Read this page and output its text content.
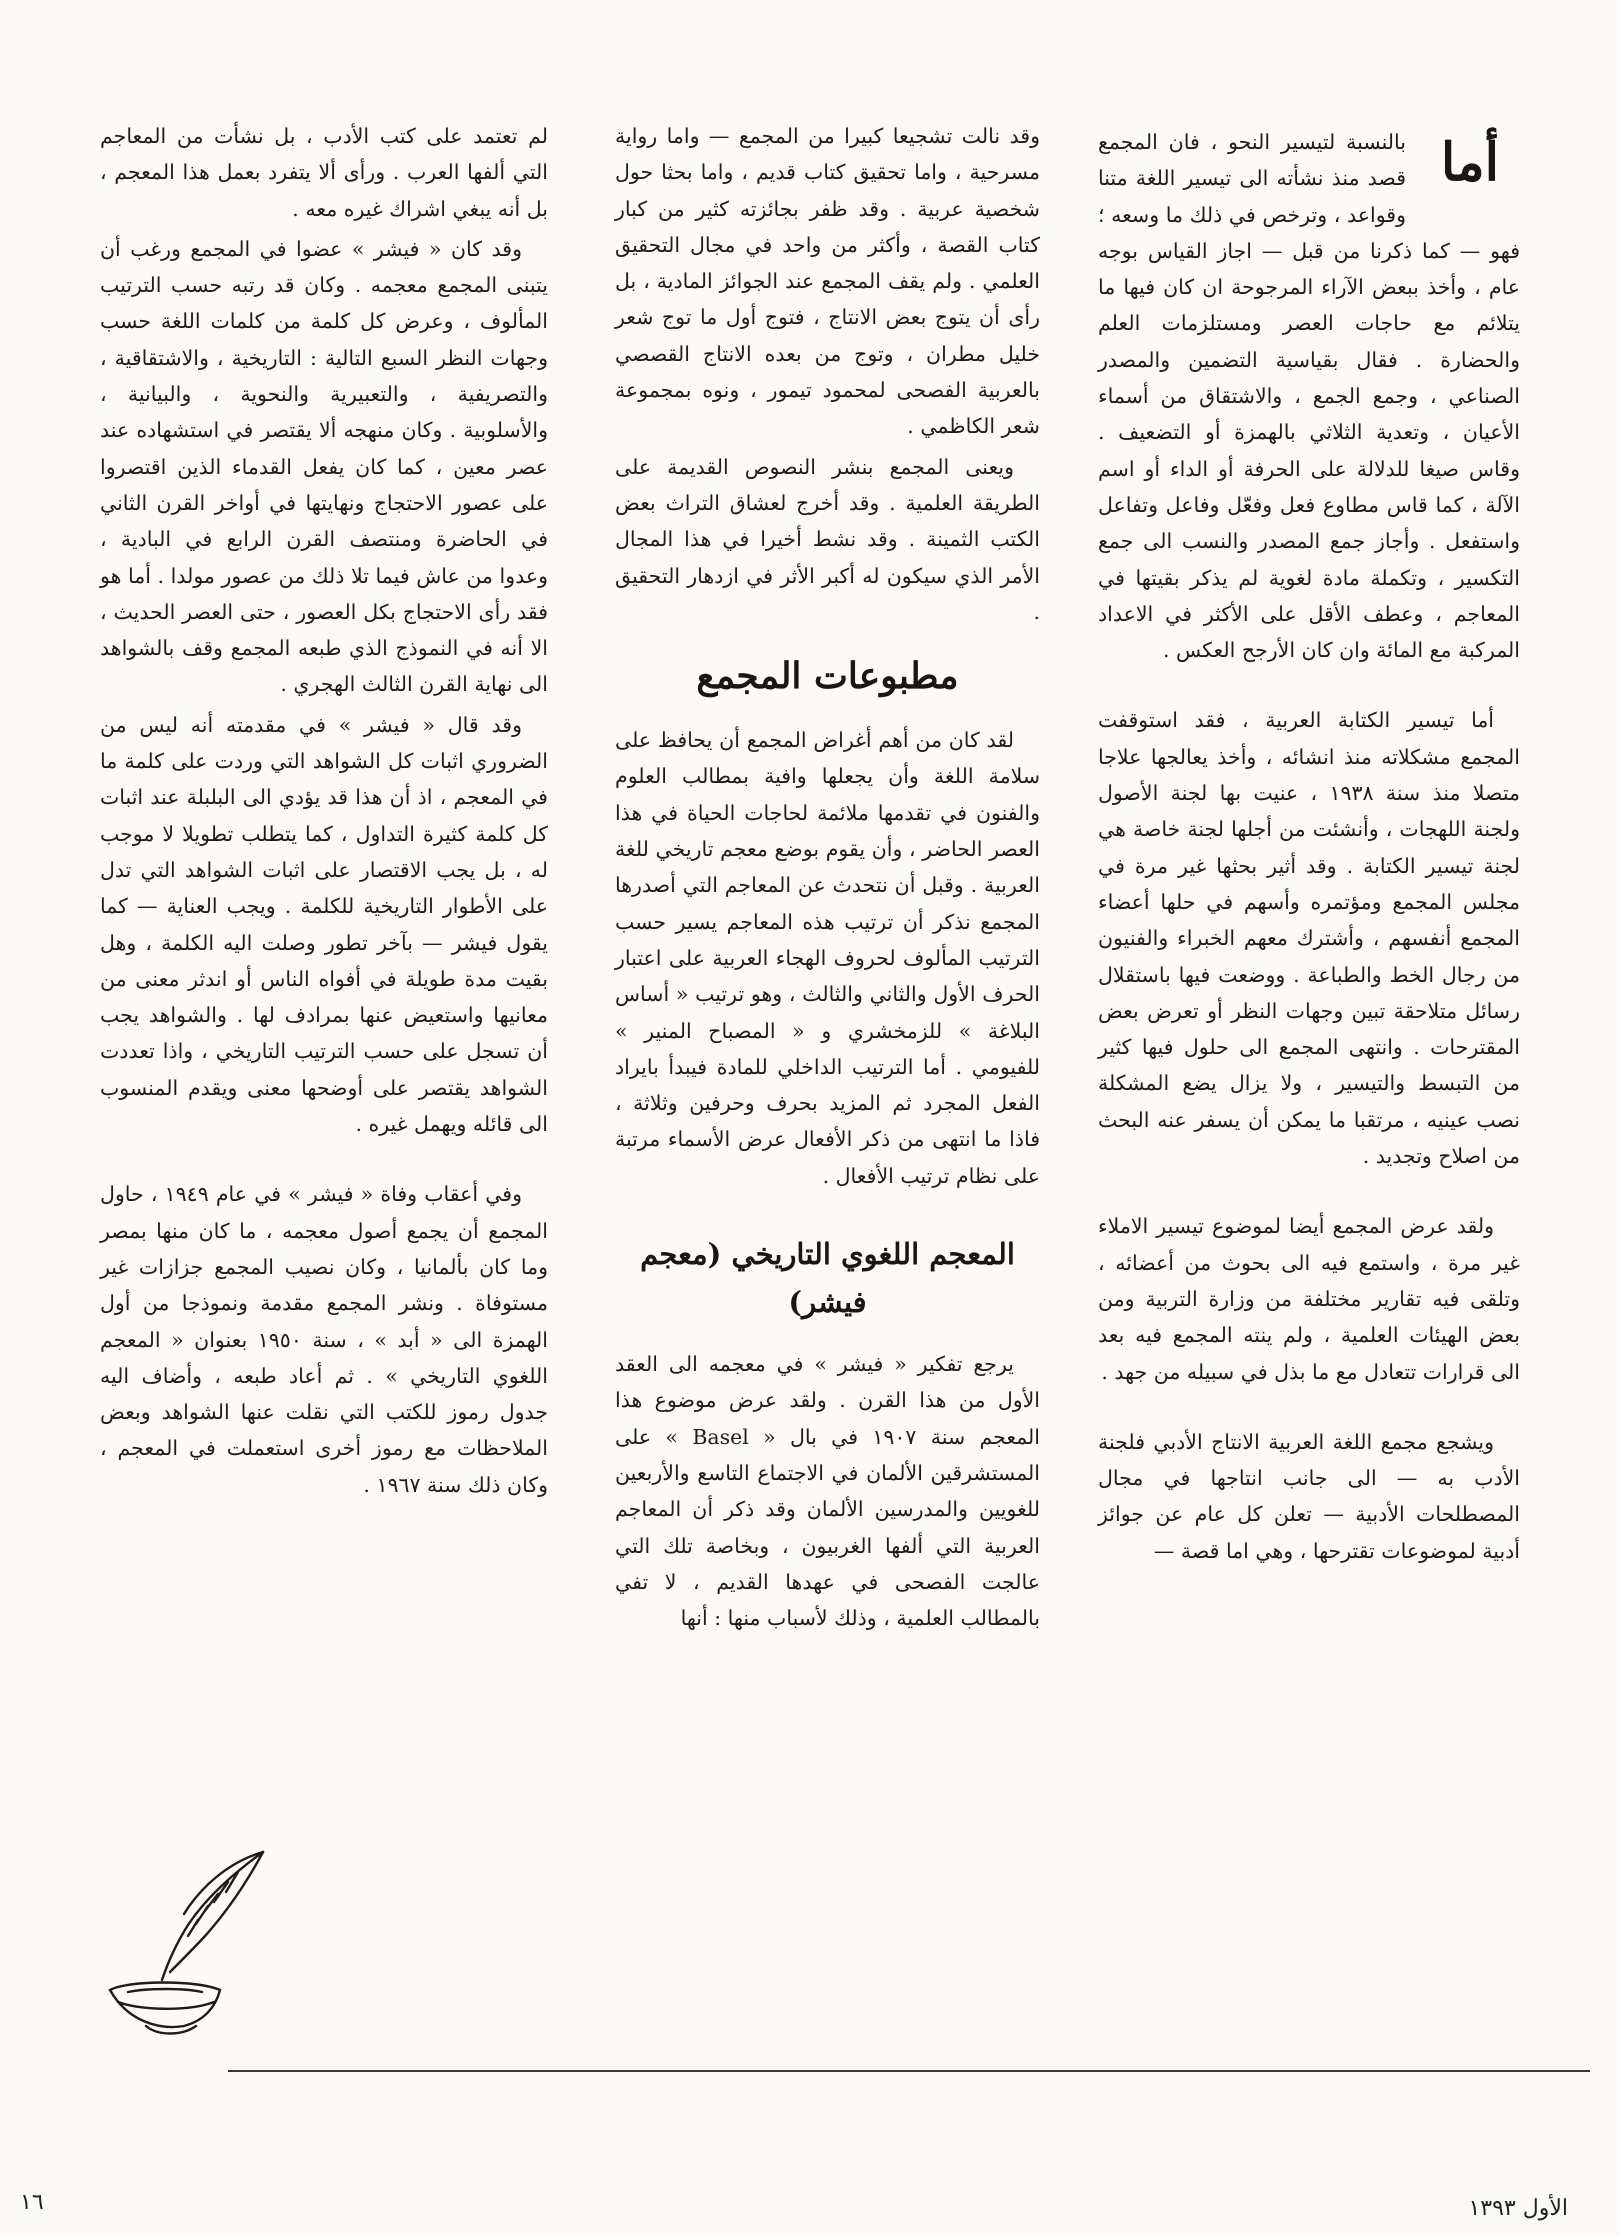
أما

بالنسبة لتيسير النحو ، فان المجمع قصد منذ نشأته الى تيسير اللغة متنا وقواعد ، وترخص في ذلك ما وسعه ؛ فهو — كما ذكرنا من قبل — اجاز القياس بوجه عام ، وأخذ ببعض الآراء المرجوحة ان كان فيها ما يتلائم مع حاجات العصر ومستلزمات العلم والحضارة . فقال بقياسية التضمين والمصدر الصناعي ، وجمع الجمع ، والاشتقاق من أسماء الأعيان ، وتعدية الثلاثي بالهمزة أو التضعيف . وقاس صيغا للدلالة على الحرفة أو الداء أو اسم الآلة ، كما قاس مطاوع فعل وفعّل وفاعل وتفاعل واستفعل . وأجاز جمع المصدر والنسب الى جمع التكسير ، وتكملة مادة لغوية لم يذكر بقيتها في المعاجم ، وعطف الأقل على الأكثر في الاعداد المركبة مع المائة وان كان الأرجح العكس .

أما تيسير الكتابة العربية ، فقد استوقفت المجمع مشكلاته منذ انشائه ، وأخذ يعالجها علاجا متصلا منذ سنة ١٩٣٨ ، عنيت بها لجنة الأصول ولجنة اللهجات ، وأنشئت من أجلها لجنة خاصة هي لجنة تيسير الكتابة . وقد أثير بحثها غير مرة في مجلس المجمع ومؤتمره وأسهم في حلها أعضاء المجمع أنفسهم ، وأشترك معهم الخبراء والفنيون من رجال الخط والطباعة . ووضعت فيها باستقلال رسائل متلاحقة تبين وجهات النظر أو تعرض بعض المقترحات . وانتهى المجمع الى حلول فيها كثير من التبسط والتيسير ، ولا يزال يضع المشكلة نصب عينيه ، مرتقبا ما يمكن أن يسفر عنه البحث من اصلاح وتجديد .

ولقد عرض المجمع أيضا لموضوع تيسير الاملاء غير مرة ، واستمع فيه الى بحوث من أعضائه ، وتلقى فيه تقارير مختلفة من وزارة التربية ومن بعض الهيئات العلمية ، ولم ينته المجمع فيه بعد الى قرارات تتعادل مع ما بذل في سبيله من جهد .

ويشجع مجمع اللغة العربية الانتاج الأدبي فلجنة الأدب به — الى جانب انتاجها في مجال المصطلحات الأدبية — تعلن كل عام عن جوائز أدبية لموضوعات تقترحها ، وهي اما قصة —

وقد نالت تشجيعا كبيرا من المجمع — واما رواية مسرحية ، واما تحقيق كتاب قديم ، واما بحثا حول شخصية عربية . وقد ظفر بجائزته كثير من كبار كتاب القصة ، وأكثر من واحد في مجال التحقيق العلمي . ولم يقف المجمع عند الجوائز المادية ، بل رأى أن يتوج بعض الانتاج ، فتوج أول ما توج شعر خليل مطران ، وتوج من بعده الانتاج القصصي بالعربية الفصحى لمحمود تيمور ، ونوه بمجموعة شعر الكاظمي .

ويعنى المجمع بنشر النصوص القديمة على الطريقة العلمية . وقد أخرج لعشاق التراث بعض الكتب الثمينة . وقد نشط أخيرا في هذا المجال الأمر الذي سيكون له أكبر الأثر في ازدهار التحقيق .

مطبوعات المجمع

لقد كان من أهم أغراض المجمع أن يحافظ على سلامة اللغة وأن يجعلها وافية بمطالب العلوم والفنون في تقدمها ملائمة لحاجات الحياة في هذا العصر الحاضر ، وأن يقوم بوضع معجم تاريخي للغة العربية . وقبل أن نتحدث عن المعاجم التي أصدرها المجمع نذكر أن ترتيب هذه المعاجم يسير حسب الترتيب المألوف لحروف الهجاء العربية على اعتبار الحرف الأول والثاني والثالث ، وهو ترتيب « أساس البلاغة » للزمخشري و « المصباح المنير » للفيومي . أما الترتيب الداخلي للمادة فيبدأ بايراد الفعل المجرد ثم المزيد بحرف وحرفين وثلاثة ، فاذا ما انتهى من ذكر الأفعال عرض الأسماء مرتبة على نظام ترتيب الأفعال .

المعجم اللغوي التاريخي (معجم فيشر)

يرجع تفكير « فيشر » في معجمه الى العقد الأول من هذا القرن . ولقد عرض موضوع هذا المعجم سنة ١٩٠٧ في بال « Basel » على المستشرقين الألمان في الاجتماع التاسع والأربعين للغويين والمدرسين الألمان وقد ذكر أن المعاجم العربية التي ألفها الغربيون ، وبخاصة تلك التي عالجت الفصحى في عهدها القديم ، لا تفي بالمطالب العلمية ، وذلك لأسباب منها : أنها

لم تعتمد على كتب الأدب ، بل نشأت من المعاجم التي ألفها العرب . ورأى ألا يتفرد بعمل هذا المعجم ، بل أنه يبغي اشراك غيره معه .

وقد كان « فيشر » عضوا في المجمع ورغب أن يتبنى المجمع معجمه . وكان قد رتبه حسب الترتيب المألوف ، وعرض كل كلمة من كلمات اللغة حسب وجهات النظر السبع التالية : التاريخية ، والاشتقاقية ، والتصريفية ، والتعبيرية والنحوية ، والبيانية ، والأسلوبية . وكان منهجه ألا يقتصر في استشهاده عند عصر معين ، كما كان يفعل القدماء الذين اقتصروا على عصور الاحتجاج ونهايتها في أواخر القرن الثاني في الحاضرة ومنتصف القرن الرابع في البادية ، وعدوا من عاش فيما تلا ذلك من عصور مولدا . أما هو فقد رأى الاحتجاج بكل العصور ، حتى العصر الحديث ، الا أنه في النموذج الذي طبعه المجمع وقف بالشواهد الى نهاية القرن الثالث الهجري .

وقد قال « فيشر » في مقدمته أنه ليس من الضروري اثبات كل الشواهد التي وردت على كلمة ما في المعجم ، اذ أن هذا قد يؤدي الى البلبلة عند اثبات كل كلمة كثيرة التداول ، كما يتطلب تطويلا لا موجب له ، بل يجب الاقتصار على اثبات الشواهد التي تدل على الأطوار التاريخية للكلمة . ويجب العناية — كما يقول فيشر — بآخر تطور وصلت اليه الكلمة ، وهل بقيت مدة طويلة في أفواه الناس أو اندثر معنى من معانيها واستعيض عنها بمرادف لها . والشواهد يجب أن تسجل على حسب الترتيب التاريخي ، واذا تعددت الشواهد يقتصر على أوضحها معنى ويقدم المنسوب الى قائله ويهمل غيره .

وفي أعقاب وفاة « فيشر » في عام ١٩٤٩ ، حاول المجمع أن يجمع أصول معجمه ، ما كان منها بمصر وما كان بألمانيا ، وكان نصيب المجمع جزازات غير مستوفاة . ونشر المجمع مقدمة ونموذجا من أول الهمزة الى « أبد » ، سنة ١٩٥٠ بعنوان « المعجم اللغوي التاريخي » . ثم أعاد طبعه ، وأضاف اليه جدول رموز للكتب التي نقلت عنها الشواهد وبعض الملاحظات مع رموز أخرى استعملت في المعجم ، وكان ذلك سنة ١٩٦٧ .

١٦	الأول ١٣٩٣
